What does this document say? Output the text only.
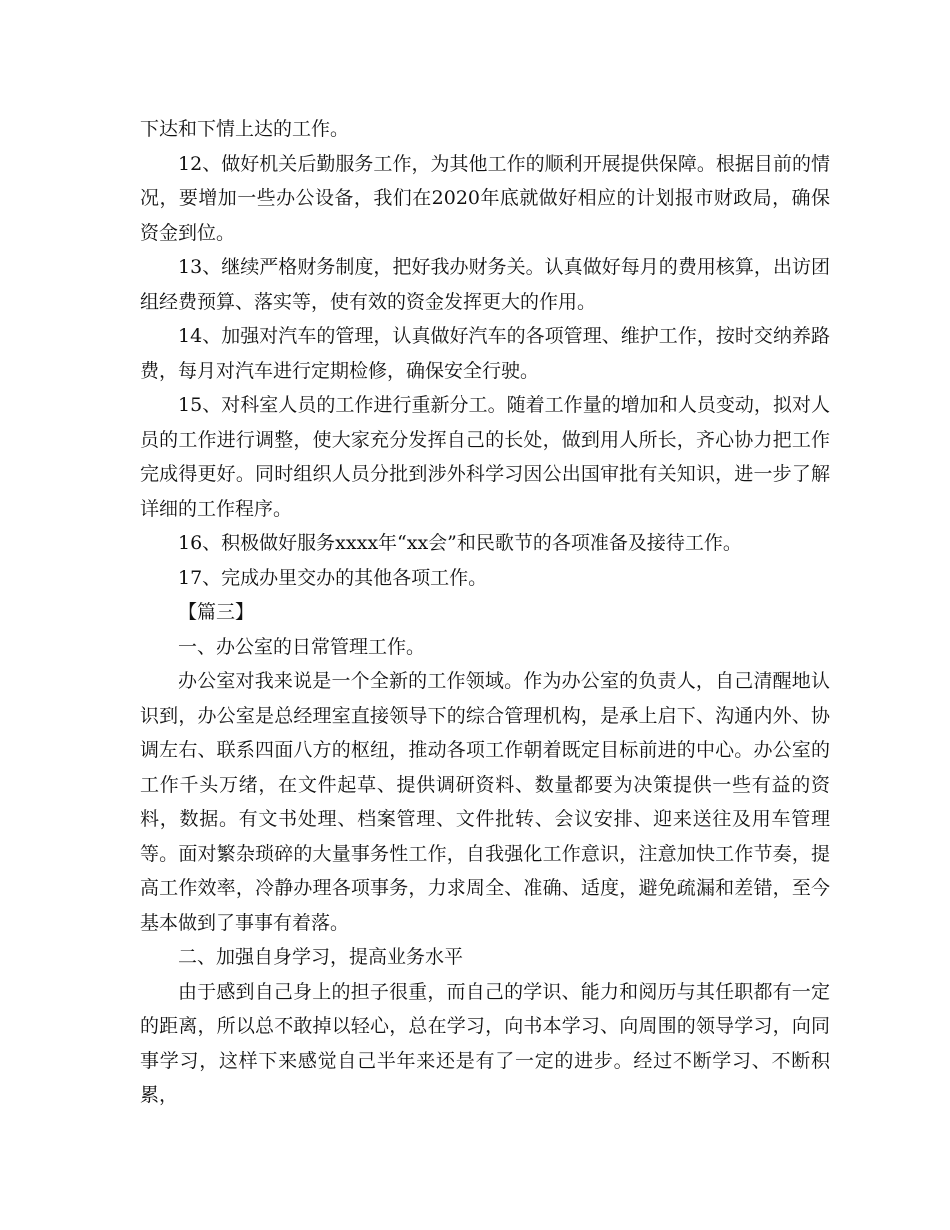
下达和下情上达的工作。

12、做好机关后勤服务工作，为其他工作的顺利开展提供保障。根据目前的情况，要增加一些办公设备，我们在2020年底就做好相应的计划报市财政局，确保资金到位。

13、继续严格财务制度，把好我办财务关。认真做好每月的费用核算，出访团组经费预算、落实等，使有效的资金发挥更大的作用。

14、加强对汽车的管理，认真做好汽车的各项管理、维护工作，按时交纳养路费，每月对汽车进行定期检修，确保安全行驶。

15、对科室人员的工作进行重新分工。随着工作量的增加和人员变动，拟对人员的工作进行调整，使大家充分发挥自己的长处，做到用人所长，齐心协力把工作完成得更好。同时组织人员分批到涉外科学习因公出国审批有关知识，进一步了解详细的工作程序。

16、积极做好服务xxxx年“xx会”和民歌节的各项准备及接待工作。

17、完成办里交办的其他各项工作。

【篇三】

一、办公室的日常管理工作。

办公室对我来说是一个全新的工作领域。作为办公室的负责人，自己清醒地认识到，办公室是总经理室直接领导下的综合管理机构，是承上启下、沟通内外、协调左右、联系四面八方的枢纽，推动各项工作朝着既定目标前进的中心。办公室的工作千头万绪，在文件起草、提供调研资料、数量都要为决策提供一些有益的资料，数据。有文书处理、档案管理、文件批转、会议安排、迎来送往及用车管理等。面对繁杂琐碎的大量事务性工作，自我强化工作意识，注意加快工作节奏，提高工作效率，冷静办理各项事务，力求周全、准确、适度，避免疏漏和差错，至今基本做到了事事有着落。

二、加强自身学习，提高业务水平

由于感到自己身上的担子很重，而自己的学识、能力和阅历与其任职都有一定的距离，所以总不敢掉以轻心，总在学习，向书本学习、向周围的领导学习，向同事学习，这样下来感觉自己半年来还是有了一定的进步。经过不断学习、不断积累，
